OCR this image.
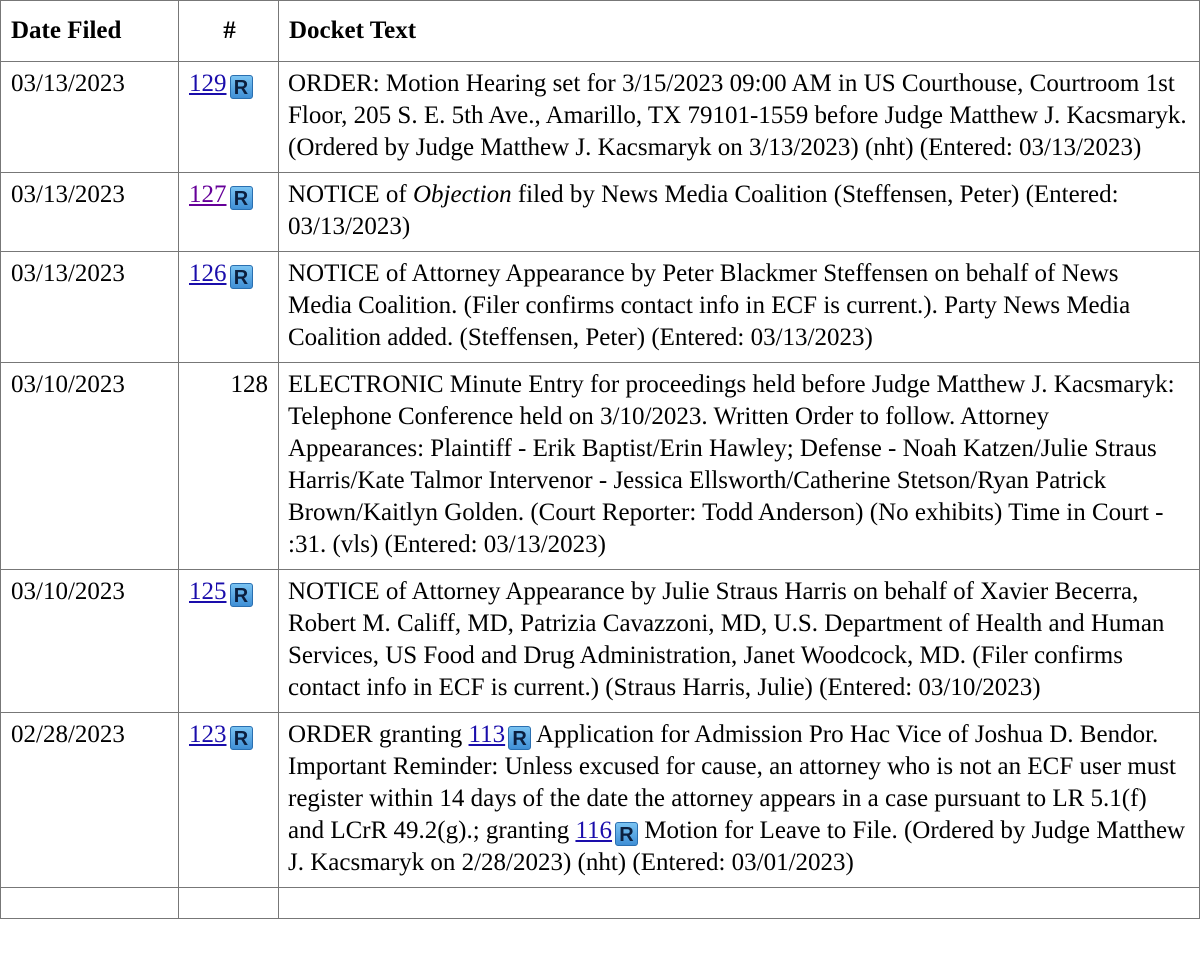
Date Filed	#	Docket Text
03/13/2023	129R	ORDER: Motion Hearing set for 3/15/2023 09:00 AM in US Courthouse, Courtroom 1st Floor, 205 S. E. 5th Ave., Amarillo, TX 79101-1559 before Judge Matthew J. Kacsmaryk. (Ordered by Judge Matthew J. Kacsmaryk on 3/13/2023) (nht) (Entered: 03/13/2023)
03/13/2023	127R	NOTICE of Objection filed by News Media Coalition (Steffensen, Peter) (Entered: 03/13/2023)
03/13/2023	126R	NOTICE of Attorney Appearance by Peter Blackmer Steffensen on behalf of News Media Coalition. (Filer confirms contact info in ECF is current.). Party News Media Coalition added. (Steffensen, Peter) (Entered: 03/13/2023)
03/10/2023	128	ELECTRONIC Minute Entry for proceedings held before Judge Matthew J. Kacsmaryk: Telephone Conference held on 3/10/2023. Written Order to follow. Attorney Appearances: Plaintiff - Erik Baptist/Erin Hawley; Defense - Noah Katzen/Julie Straus Harris/Kate Talmor Intervenor - Jessica Ellsworth/Catherine Stetson/Ryan Patrick Brown/Kaitlyn Golden. (Court Reporter: Todd Anderson) (No exhibits) Time in Court - :31. (vls) (Entered: 03/13/2023)
03/10/2023	125R	NOTICE of Attorney Appearance by Julie Straus Harris on behalf of Xavier Becerra, Robert M. Califf, MD, Patrizia Cavazzoni, MD, U.S. Department of Health and Human Services, US Food and Drug Administration, Janet Woodcock, MD. (Filer confirms contact info in ECF is current.) (Straus Harris, Julie) (Entered: 03/10/2023)
02/28/2023	123R	ORDER granting 113R Application for Admission Pro Hac Vice of Joshua D. Bendor. Important Reminder: Unless excused for cause, an attorney who is not an ECF user must register within 14 days of the date the attorney appears in a case pursuant to LR 5.1(f) and LCrR 49.2(g).; granting 116R Motion for Leave to File. (Ordered by Judge Matthew J. Kacsmaryk on 2/28/2023) (nht) (Entered: 03/01/2023)
